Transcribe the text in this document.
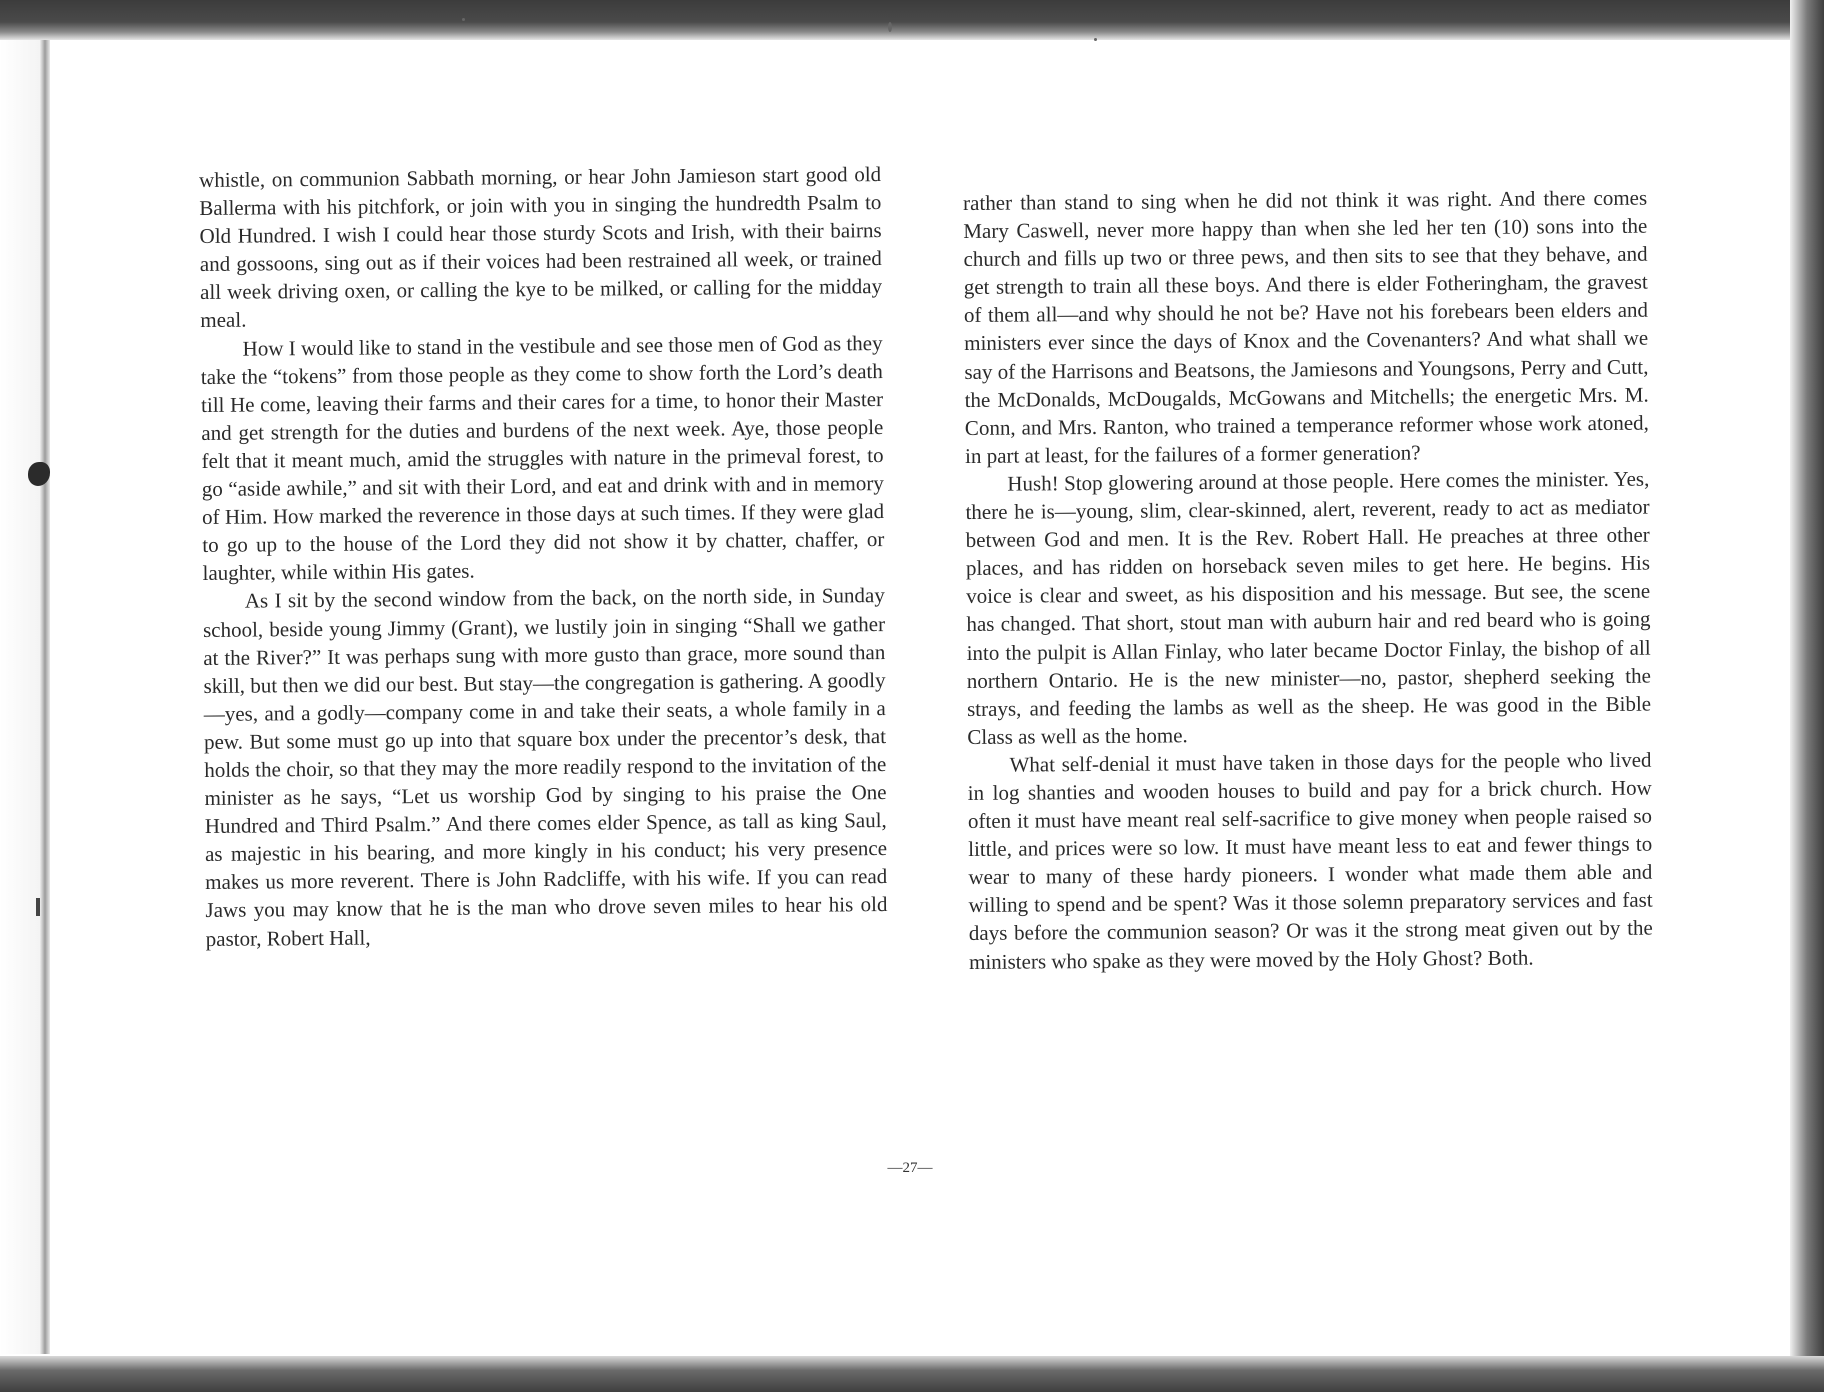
whistle, on communion Sabbath morning, or hear John Jamieson start good old Ballerma with his pitchfork, or join with you in singing the hundredth Psalm to Old Hundred. I wish I could hear those sturdy Scots and Irish, with their bairns and gossoons, sing out as if their voices had been restrained all week, or trained all week driving oxen, or calling the kye to be milked, or calling for the midday meal.

How I would like to stand in the vestibule and see those men of God as they take the “tokens” from those people as they come to show forth the Lord’s death till He come, leaving their farms and their cares for a time, to honor their Master and get strength for the duties and burdens of the next week. Aye, those people felt that it meant much, amid the struggles with nature in the primeval forest, to go “aside awhile,” and sit with their Lord, and eat and drink with and in memory of Him. How marked the reverence in those days at such times. If they were glad to go up to the house of the Lord they did not show it by chatter, chaffer, or laughter, while within His gates.

As I sit by the second window from the back, on the north side, in Sunday school, beside young Jimmy (Grant), we lustily join in singing “Shall we gather at the River?” It was perhaps sung with more gusto than grace, more sound than skill, but then we did our best. But stay—the congregation is gathering. A goodly—yes, and a godly—company come in and take their seats, a whole family in a pew. But some must go up into that square box under the precentor’s desk, that holds the choir, so that they may the more readily respond to the invitation of the minister as he says, “Let us worship God by singing to his praise the One Hundred and Third Psalm.” And there comes elder Spence, as tall as king Saul, as majestic in his bearing, and more kingly in his conduct; his very presence makes us more reverent. There is John Radcliffe, with his wife. If you can read Jaws you may know that he is the man who drove seven miles to hear his old pastor, Robert Hall,

rather than stand to sing when he did not think it was right. And there comes Mary Caswell, never more happy than when she led her ten (10) sons into the church and fills up two or three pews, and then sits to see that they behave, and get strength to train all these boys. And there is elder Fotheringham, the gravest of them all—and why should he not be? Have not his forebears been elders and ministers ever since the days of Knox and the Covenanters? And what shall we say of the Harrisons and Beatsons, the Jamiesons and Youngsons, Perry and Cutt, the McDonalds, McDougalds, McGowans and Mitchells; the energetic Mrs. M. Conn, and Mrs. Ranton, who trained a temperance reformer whose work atoned, in part at least, for the failures of a former generation?

Hush! Stop glowering around at those people. Here comes the minister. Yes, there he is—young, slim, clear-skinned, alert, reverent, ready to act as mediator between God and men. It is the Rev. Robert Hall. He preaches at three other places, and has ridden on horseback seven miles to get here. He begins. His voice is clear and sweet, as his disposition and his message. But see, the scene has changed. That short, stout man with auburn hair and red beard who is going into the pulpit is Allan Finlay, who later became Doctor Finlay, the bishop of all northern Ontario. He is the new minister—no, pastor, shepherd seeking the strays, and feeding the lambs as well as the sheep. He was good in the Bible Class as well as the home.

What self-denial it must have taken in those days for the people who lived in log shanties and wooden houses to build and pay for a brick church. How often it must have meant real self-sacrifice to give money when people raised so little, and prices were so low. It must have meant less to eat and fewer things to wear to many of these hardy pioneers. I wonder what made them able and willing to spend and be spent? Was it those solemn preparatory services and fast days before the communion season? Or was it the strong meat given out by the ministers who spake as they were moved by the Holy Ghost? Both.

—27—
